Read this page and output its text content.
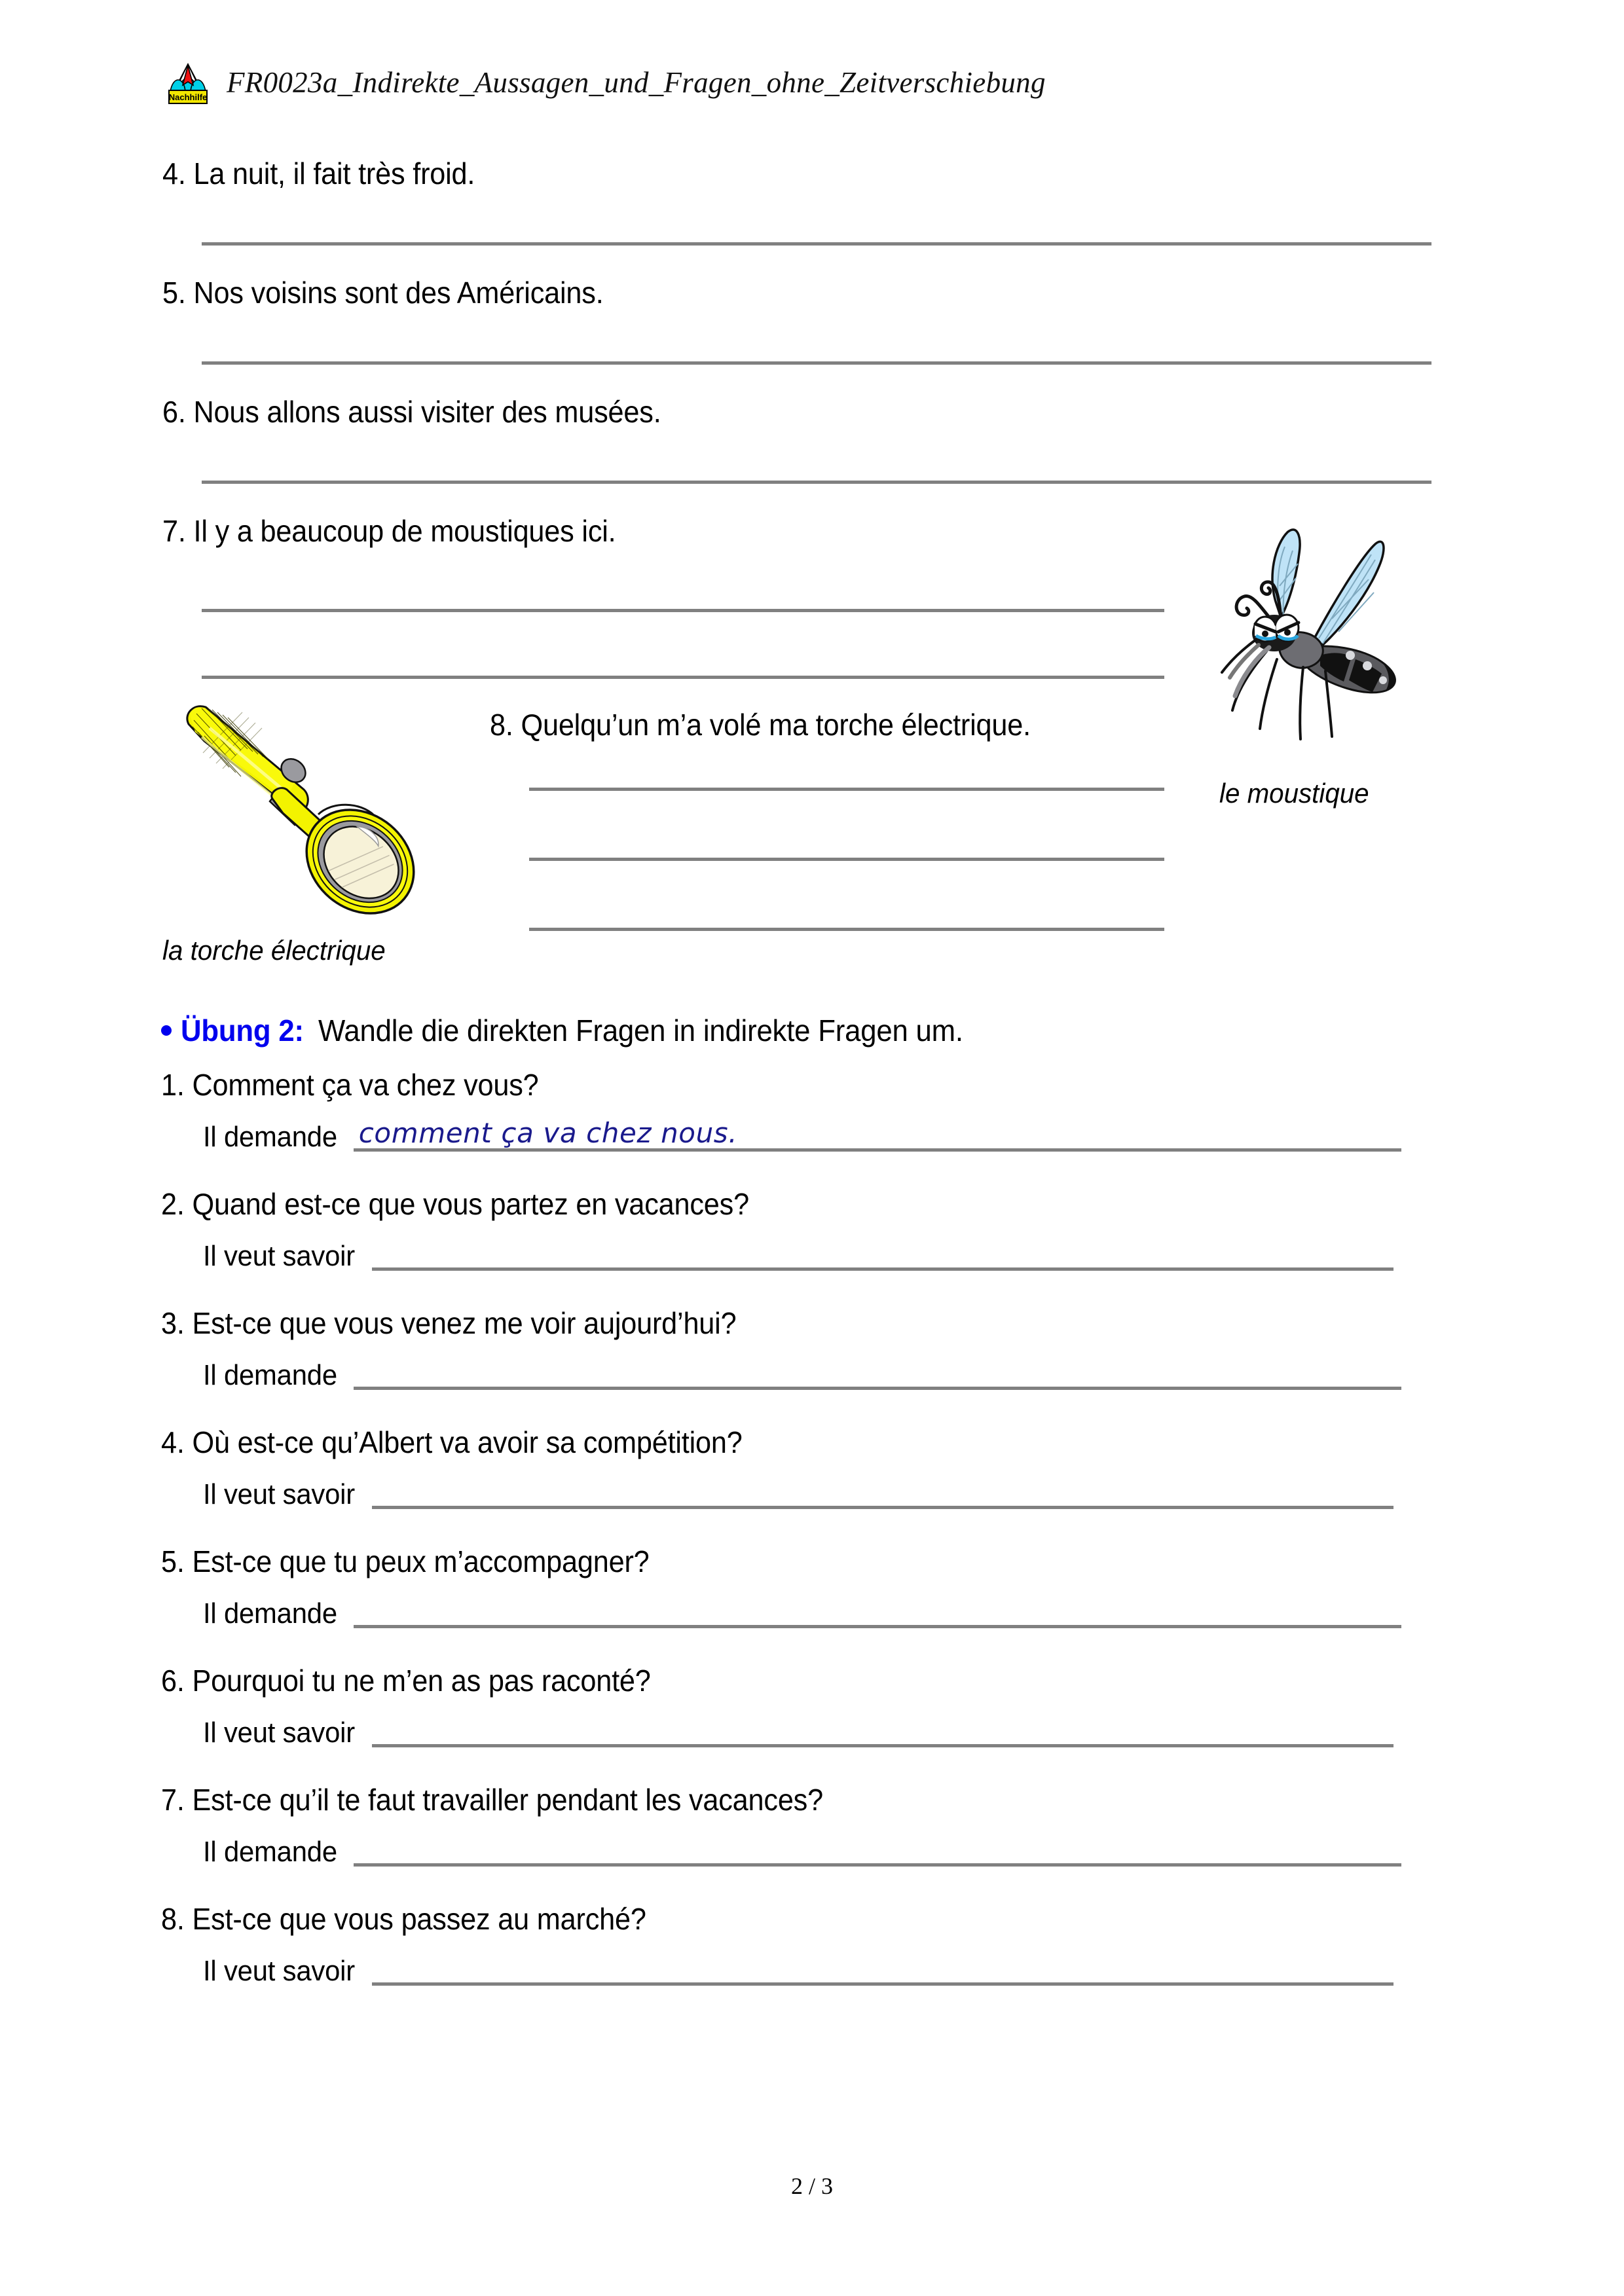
Nachhilfe FR0023a_Indirekte_Aussagen_und_Fragen_ohne_Zeitverschiebung
4. La nuit, il fait très froid.
5. Nos voisins sont des Américains.
6. Nous allons aussi visiter des musées.
7. Il y a beaucoup de moustiques ici.
8. Quelqu’un m’a volé ma torche électrique.
le moustique
la torche électrique
Übung 2: Wandle die direkten Fragen in indirekte Fragen um.
1. Comment ça va chez vous?
Il demande comment ça va chez nous.
2. Quand est-ce que vous partez en vacances?
Il veut savoir
3. Est-ce que vous venez me voir aujourd’hui?
Il demande
4. Où est-ce qu’Albert va avoir sa compétition?
Il veut savoir
5. Est-ce que tu peux m’accompagner?
Il demande
6. Pourquoi tu ne m’en as pas raconté?
Il veut savoir
7. Est-ce qu’il te faut travailler pendant les vacances?
Il demande
8. Est-ce que vous passez au marché?
Il veut savoir
2 / 3
